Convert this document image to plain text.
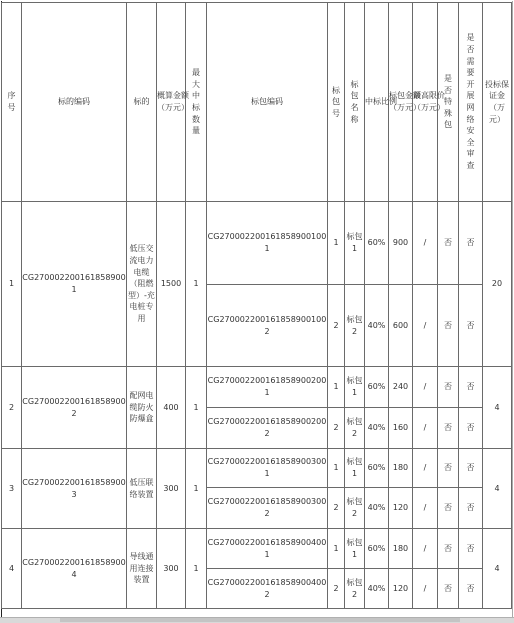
序号	标的编码	标的	概算金额（万元）	最大中标数量	标包编码	标包号	标包名称	中标比例	标包金额（万元）	最高限价（万元）	是否特殊包	是否需要开展网络安全审查	投标保证金（万元）

1	CG2700022001618589001	低压交流电力电缆（阻燃型）-充电桩专用	1500	1	CG2700022001618589001001	1	标包1	60%	900	/	否	否	20
					CG2700022001618589001002	2	标包2	40%	600	/	否	否	
2	CG2700022001618589002	配网电缆防火防爆盒	400	1	CG2700022001618589002001	1	标包1	60%	240	/	否	否	4
					CG2700022001618589002002	2	标包2	40%	160	/	否	否	
3	CG2700022001618589003	低压联络装置	300	1	CG2700022001618589003001	1	标包1	60%	180	/	否	否	4
					CG2700022001618589003002	2	标包2	40%	120	/	否	否	
4	CG2700022001618589004	导线通用连接装置	300	1	CG2700022001618589004001	1	标包1	60%	180	/	否	否	4
					CG2700022001618589004002	2	标包2	40%	120	/	否	否	
